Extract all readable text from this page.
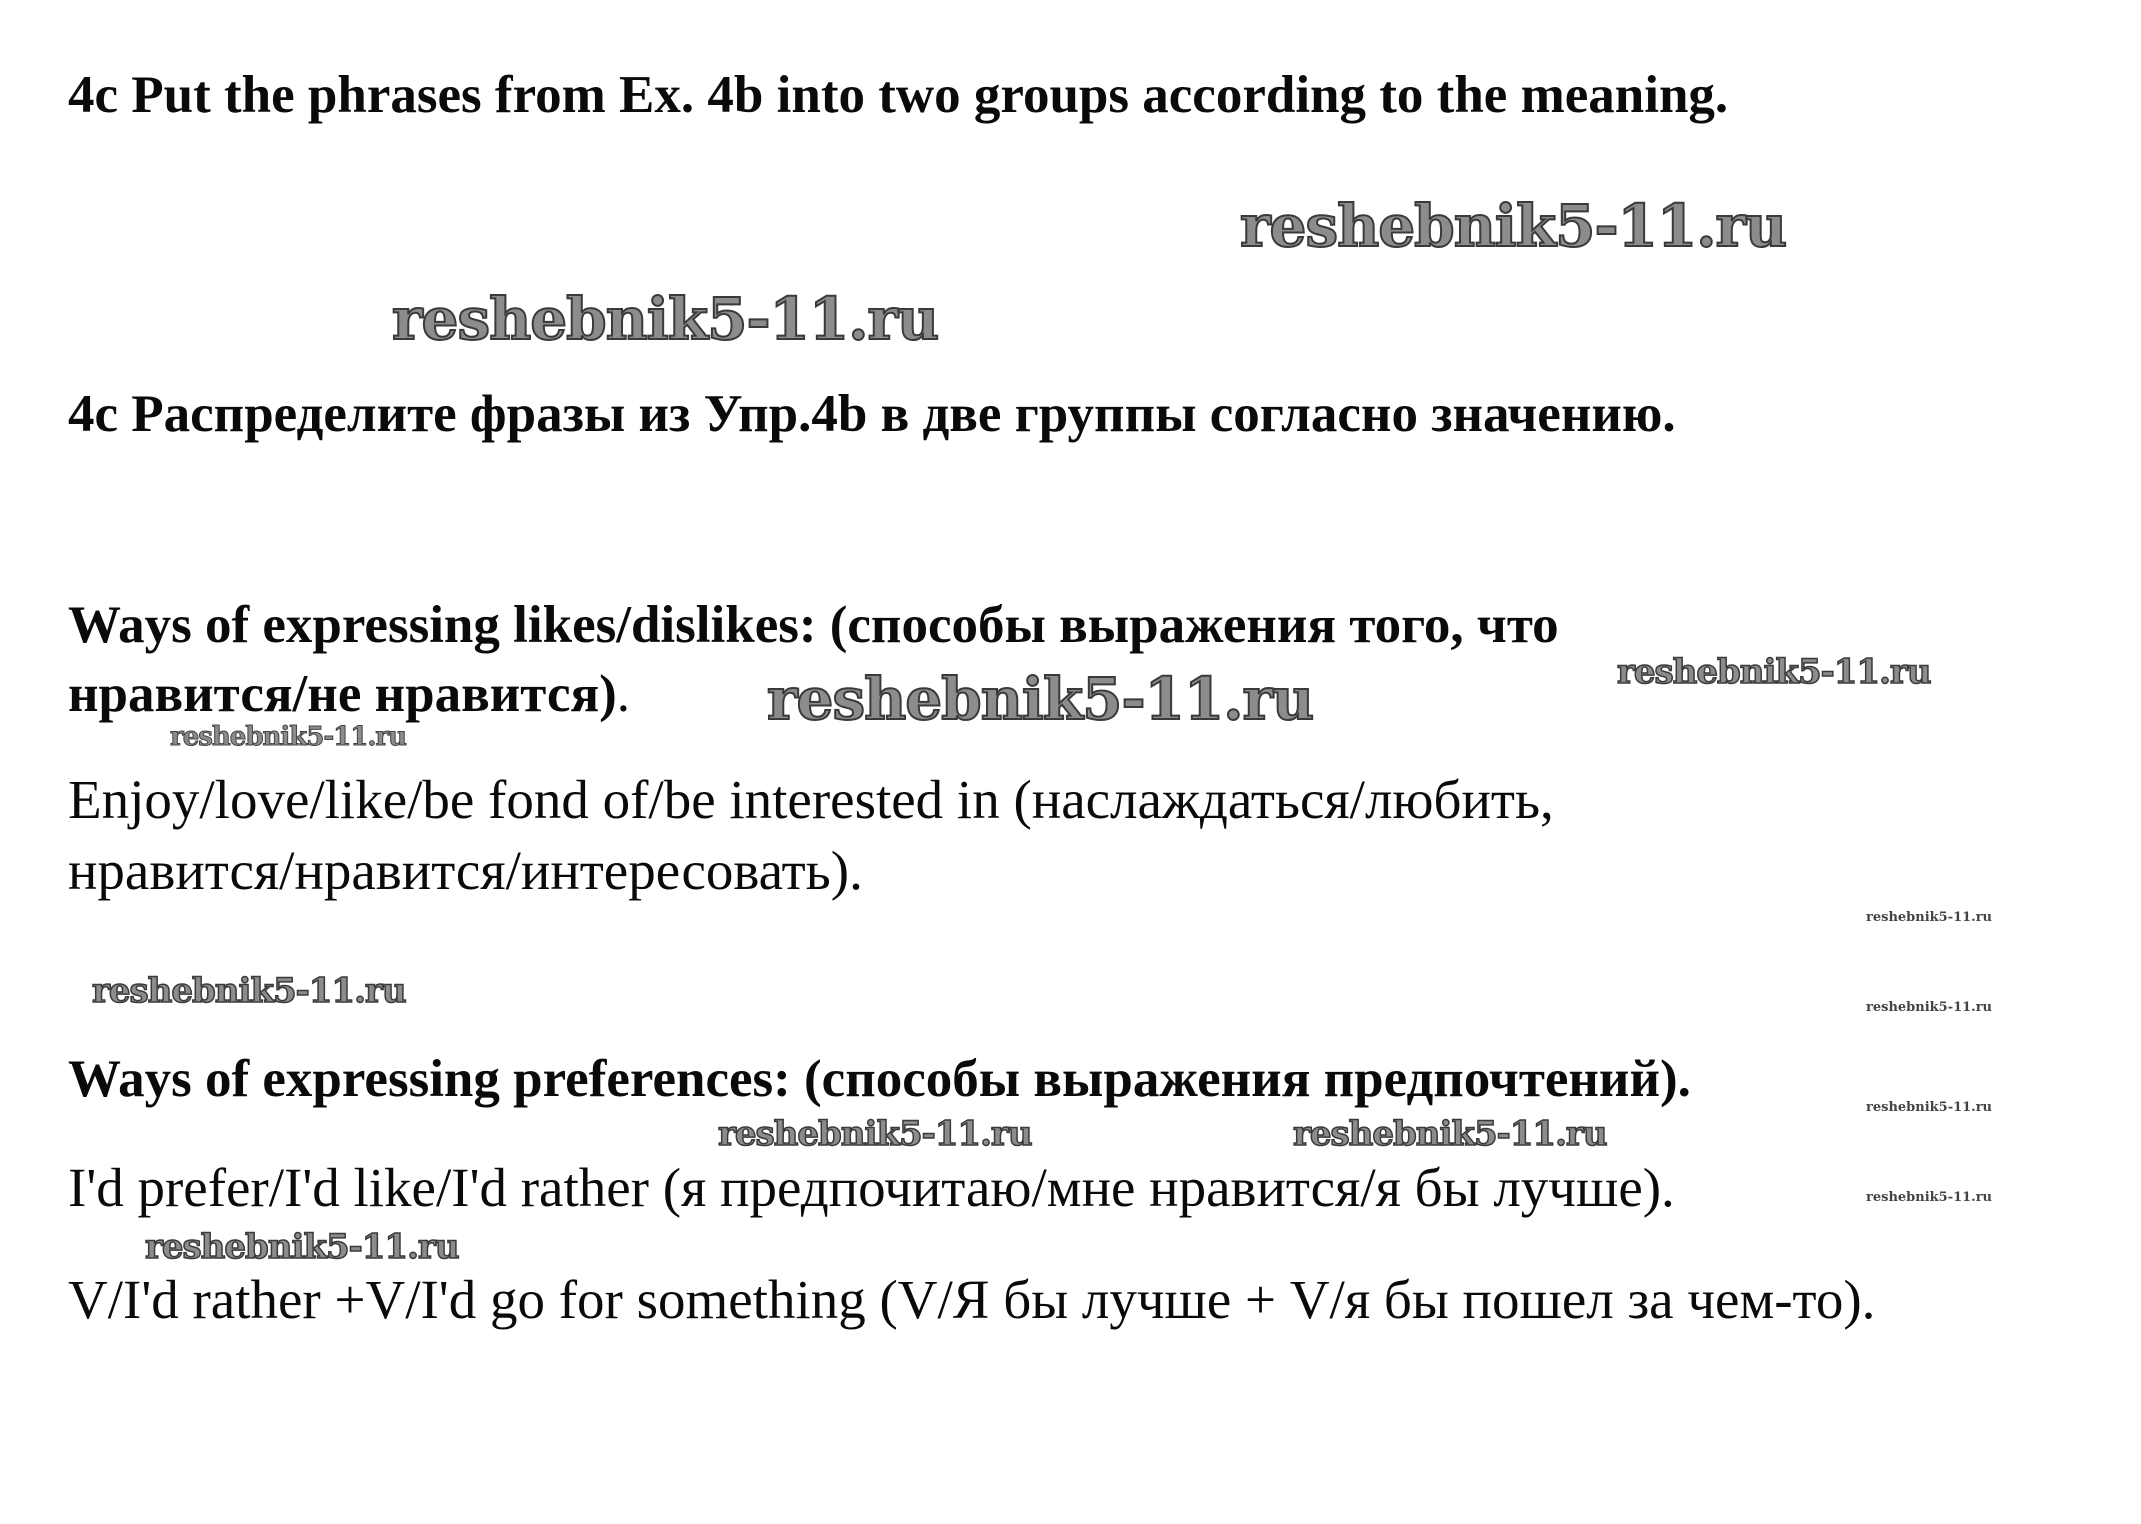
4c Put the phrases from Ex. 4b into two groups according to the meaning.

4c Распределите фразы из Упр.4b в две группы согласно значению.

Ways of expressing likes/dislikes: (способы выражения того, что

нравится/не нравится).

Enjoy/love/like/be fond of/be interested in (наслаждаться/любить,

нравится/нравится/интересовать).

Ways of expressing preferences: (способы выражения предпочтений).

I'd prefer/I'd like/I'd rather (я предпочитаю/мне нравится/я бы лучше).

V/I'd rather +V/I'd go for something (V/Я бы лучше + V/я бы пошел за чем-то).

reshebnik5-11.ru
reshebnik5-11.ru
reshebnik5-11.ru	reshebnik5-11.ru
reshebnik5-11.ru
reshebnik5-11.ru
reshebnik5-11.ru	reshebnik5-11.ru
reshebnik5-11.ru
reshebnik5-11.ru
reshebnik5-11.ru
reshebnik5-11.ru
reshebnik5-11.ru
